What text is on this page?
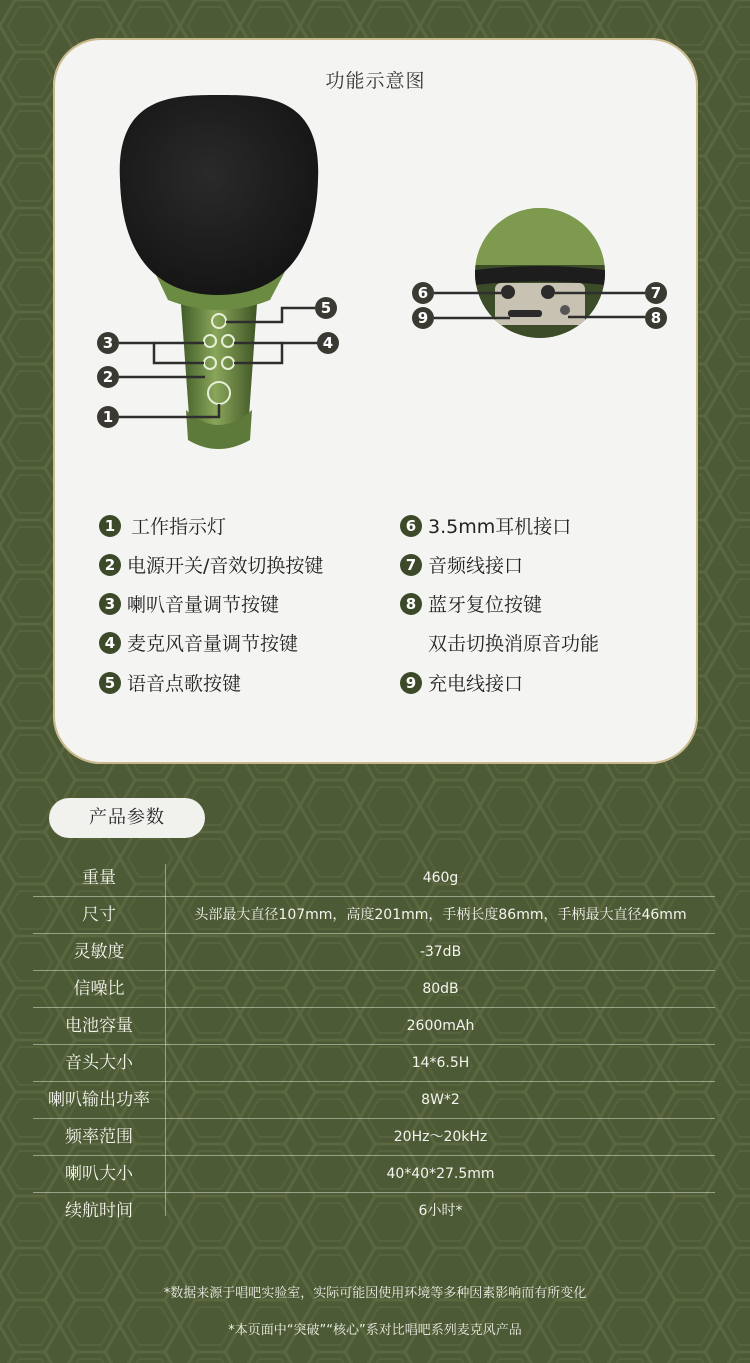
功能示意图
1
2
3	4
5
6	7
8
9
1 工作指示灯
2 电源开关/音效切换按键
3 喇叭音量调节按键
4 麦克风音量调节按键
5 语音点歌按键
6 3.5mm耳机接口
7 音频线接口
8 蓝牙复位按键
双击切换消原音功能
9 充电线接口
产品参数
重量	460g
尺寸	头部最大直径107mm，高度201mm，手柄长度86mm，手柄最大直径46mm
灵敏度	-37dB
信噪比	80dB
电池容量	2600mAh
音头大小	14*6.5H
喇叭输出功率	8W*2
频率范围	20Hz～20kHz
喇叭大小	40*40*27.5mm
续航时间	6小时*
*数据来源于唱吧实验室，实际可能因使用环境等多种因素影响而有所变化
*本页面中“突破”“核心”系对比唱吧系列麦克风产品
